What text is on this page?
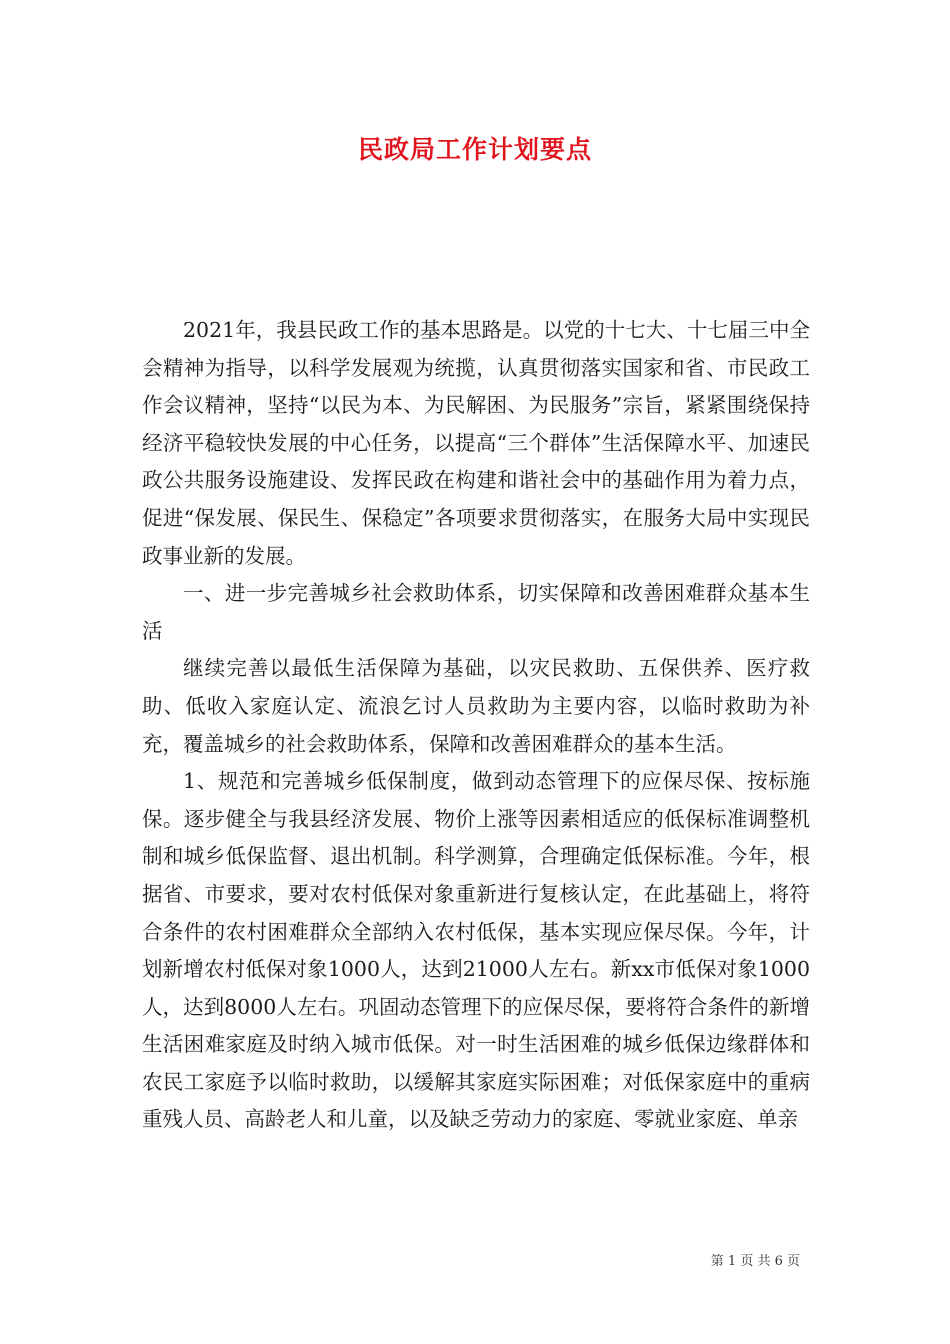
民政局工作计划要点

2021年，我县民政工作的基本思路是。以党的十七大、十七届三中全会精神为指导，以科学发展观为统揽，认真贯彻落实国家和省、市民政工作会议精神，坚持“以民为本、为民解困、为民服务”宗旨，紧紧围绕保持经济平稳较快发展的中心任务，以提高“三个群体”生活保障水平、加速民政公共服务设施建设、发挥民政在构建和谐社会中的基础作用为着力点，促进“保发展、保民生、保稳定”各项要求贯彻落实，在服务大局中实现民政事业新的发展。

一、进一步完善城乡社会救助体系，切实保障和改善困难群众基本生活

继续完善以最低生活保障为基础，以灾民救助、五保供养、医疗救助、低收入家庭认定、流浪乞讨人员救助为主要内容，以临时救助为补充，覆盖城乡的社会救助体系，保障和改善困难群众的基本生活。

1、规范和完善城乡低保制度，做到动态管理下的应保尽保、按标施保。逐步健全与我县经济发展、物价上涨等因素相适应的低保标准调整机制和城乡低保监督、退出机制。科学测算，合理确定低保标准。今年，根据省、市要求，要对农村低保对象重新进行复核认定，在此基础上，将符合条件的农村困难群众全部纳入农村低保，基本实现应保尽保。今年，计划新增农村低保对象1000人，达到21000人左右。新xx市低保对象1000人，达到8000人左右。巩固动态管理下的应保尽保，要将符合条件的新增生活困难家庭及时纳入城市低保。对一时生活困难的城乡低保边缘群体和农民工家庭予以临时救助，以缓解其家庭实际困难；对低保家庭中的重病重残人员、高龄老人和儿童，以及缺乏劳动力的家庭、零就业家庭、单亲

第 1 页 共 6 页
